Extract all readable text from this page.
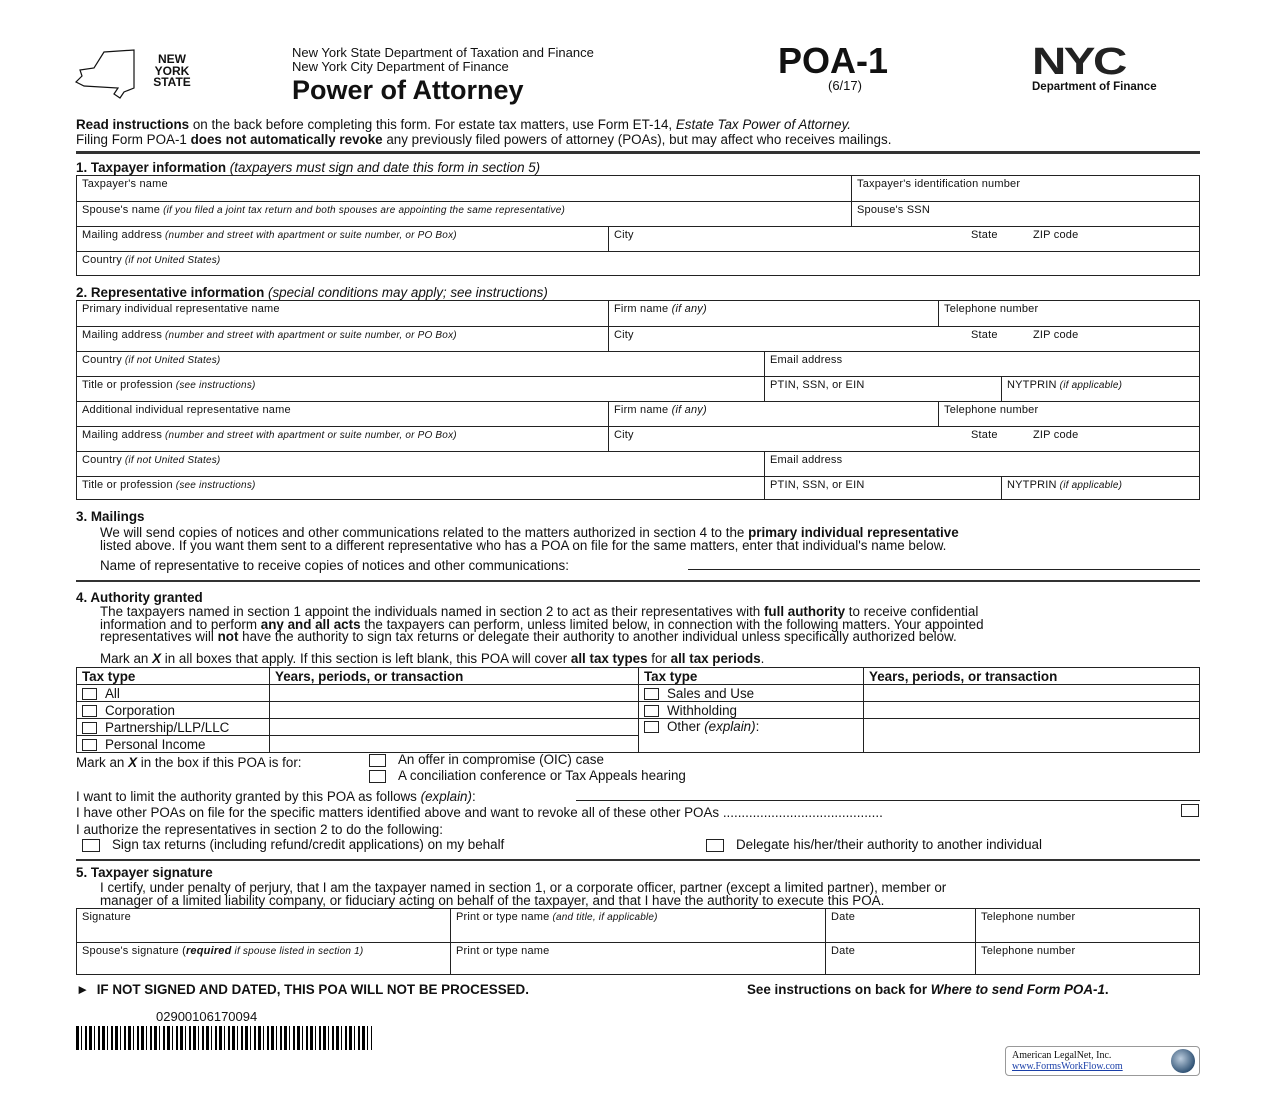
NEW YORK STATE
New York State Department of Taxation and Finance
New York City Department of Finance
Power of Attorney
POA-1
(6/17)
NYC
Department of Finance
Read instructions on the back before completing this form. For estate tax matters, use Form ET-14, Estate Tax Power of Attorney.
Filing Form POA-1 does not automatically revoke any previously filed powers of attorney (POAs), but may affect who receives mailings.
1. Taxpayer information (taxpayers must sign and date this form in section 5)
Taxpayer's name	Taxpayer's identification number
Spouse's name (if you filed a joint tax return and both spouses are appointing the same representative)	Spouse's SSN
Mailing address (number and street with apartment or suite number, or PO Box)	City	State	ZIP code
Country (if not United States)
2. Representative information (special conditions may apply; see instructions)
Primary individual representative name	Firm name (if any)	Telephone number
Mailing address (number and street with apartment or suite number, or PO Box)	City	State	ZIP code
Country (if not United States)	Email address
Title or profession (see instructions)	PTIN, SSN, or EIN	NYTPRIN (if applicable)
Additional individual representative name	Firm name (if any)	Telephone number
Mailing address (number and street with apartment or suite number, or PO Box)	City	State	ZIP code
Country (if not United States)	Email address
Title or profession (see instructions)	PTIN, SSN, or EIN	NYTPRIN (if applicable)
3. Mailings
We will send copies of notices and other communications related to the matters authorized in section 4 to the primary individual representative
listed above. If you want them sent to a different representative who has a POA on file for the same matters, enter that individual's name below.
Name of representative to receive copies of notices and other communications:
4. Authority granted
The taxpayers named in section 1 appoint the individuals named in section 2 to act as their representatives with full authority to receive confidential
information and to perform any and all acts the taxpayers can perform, unless limited below, in connection with the following matters. Your appointed
representatives will not have the authority to sign tax returns or delegate their authority to another individual unless specifically authorized below.
Mark an X in all boxes that apply. If this section is left blank, this POA will cover all tax types for all tax periods.
Tax type	Years, periods, or transaction	Tax type	Years, periods, or transaction
All		Sales and Use	
Corporation		Withholding	
Partnership/LLP/LLC		Other (explain):	
Personal Income			
Mark an X in the box if this POA is for:	An offer in compromise (OIC) case
A conciliation conference or Tax Appeals hearing
I want to limit the authority granted by this POA as follows (explain):
I have other POAs on file for the specific matters identified above and want to revoke all of these other POAs ...........................................
I authorize the representatives in section 2 to do the following:
Sign tax returns (including refund/credit applications) on my behalf	Delegate his/her/their authority to another individual
5. Taxpayer signature
I certify, under penalty of perjury, that I am the taxpayer named in section 1, or a corporate officer, partner (except a limited partner), member or
manager of a limited liability company, or fiduciary acting on behalf of the taxpayer, and that I have the authority to execute this POA.
Signature	Print or type name (and title, if applicable)	Date	Telephone number
Spouse's signature (required if spouse listed in section 1)	Print or type name	Date	Telephone number
►  IF NOT SIGNED AND DATED, THIS POA WILL NOT BE PROCESSED.	See instructions on back for Where to send Form POA-1.
02900106170094
American LegalNet, Inc.
www.FormsWorkFlow.com
